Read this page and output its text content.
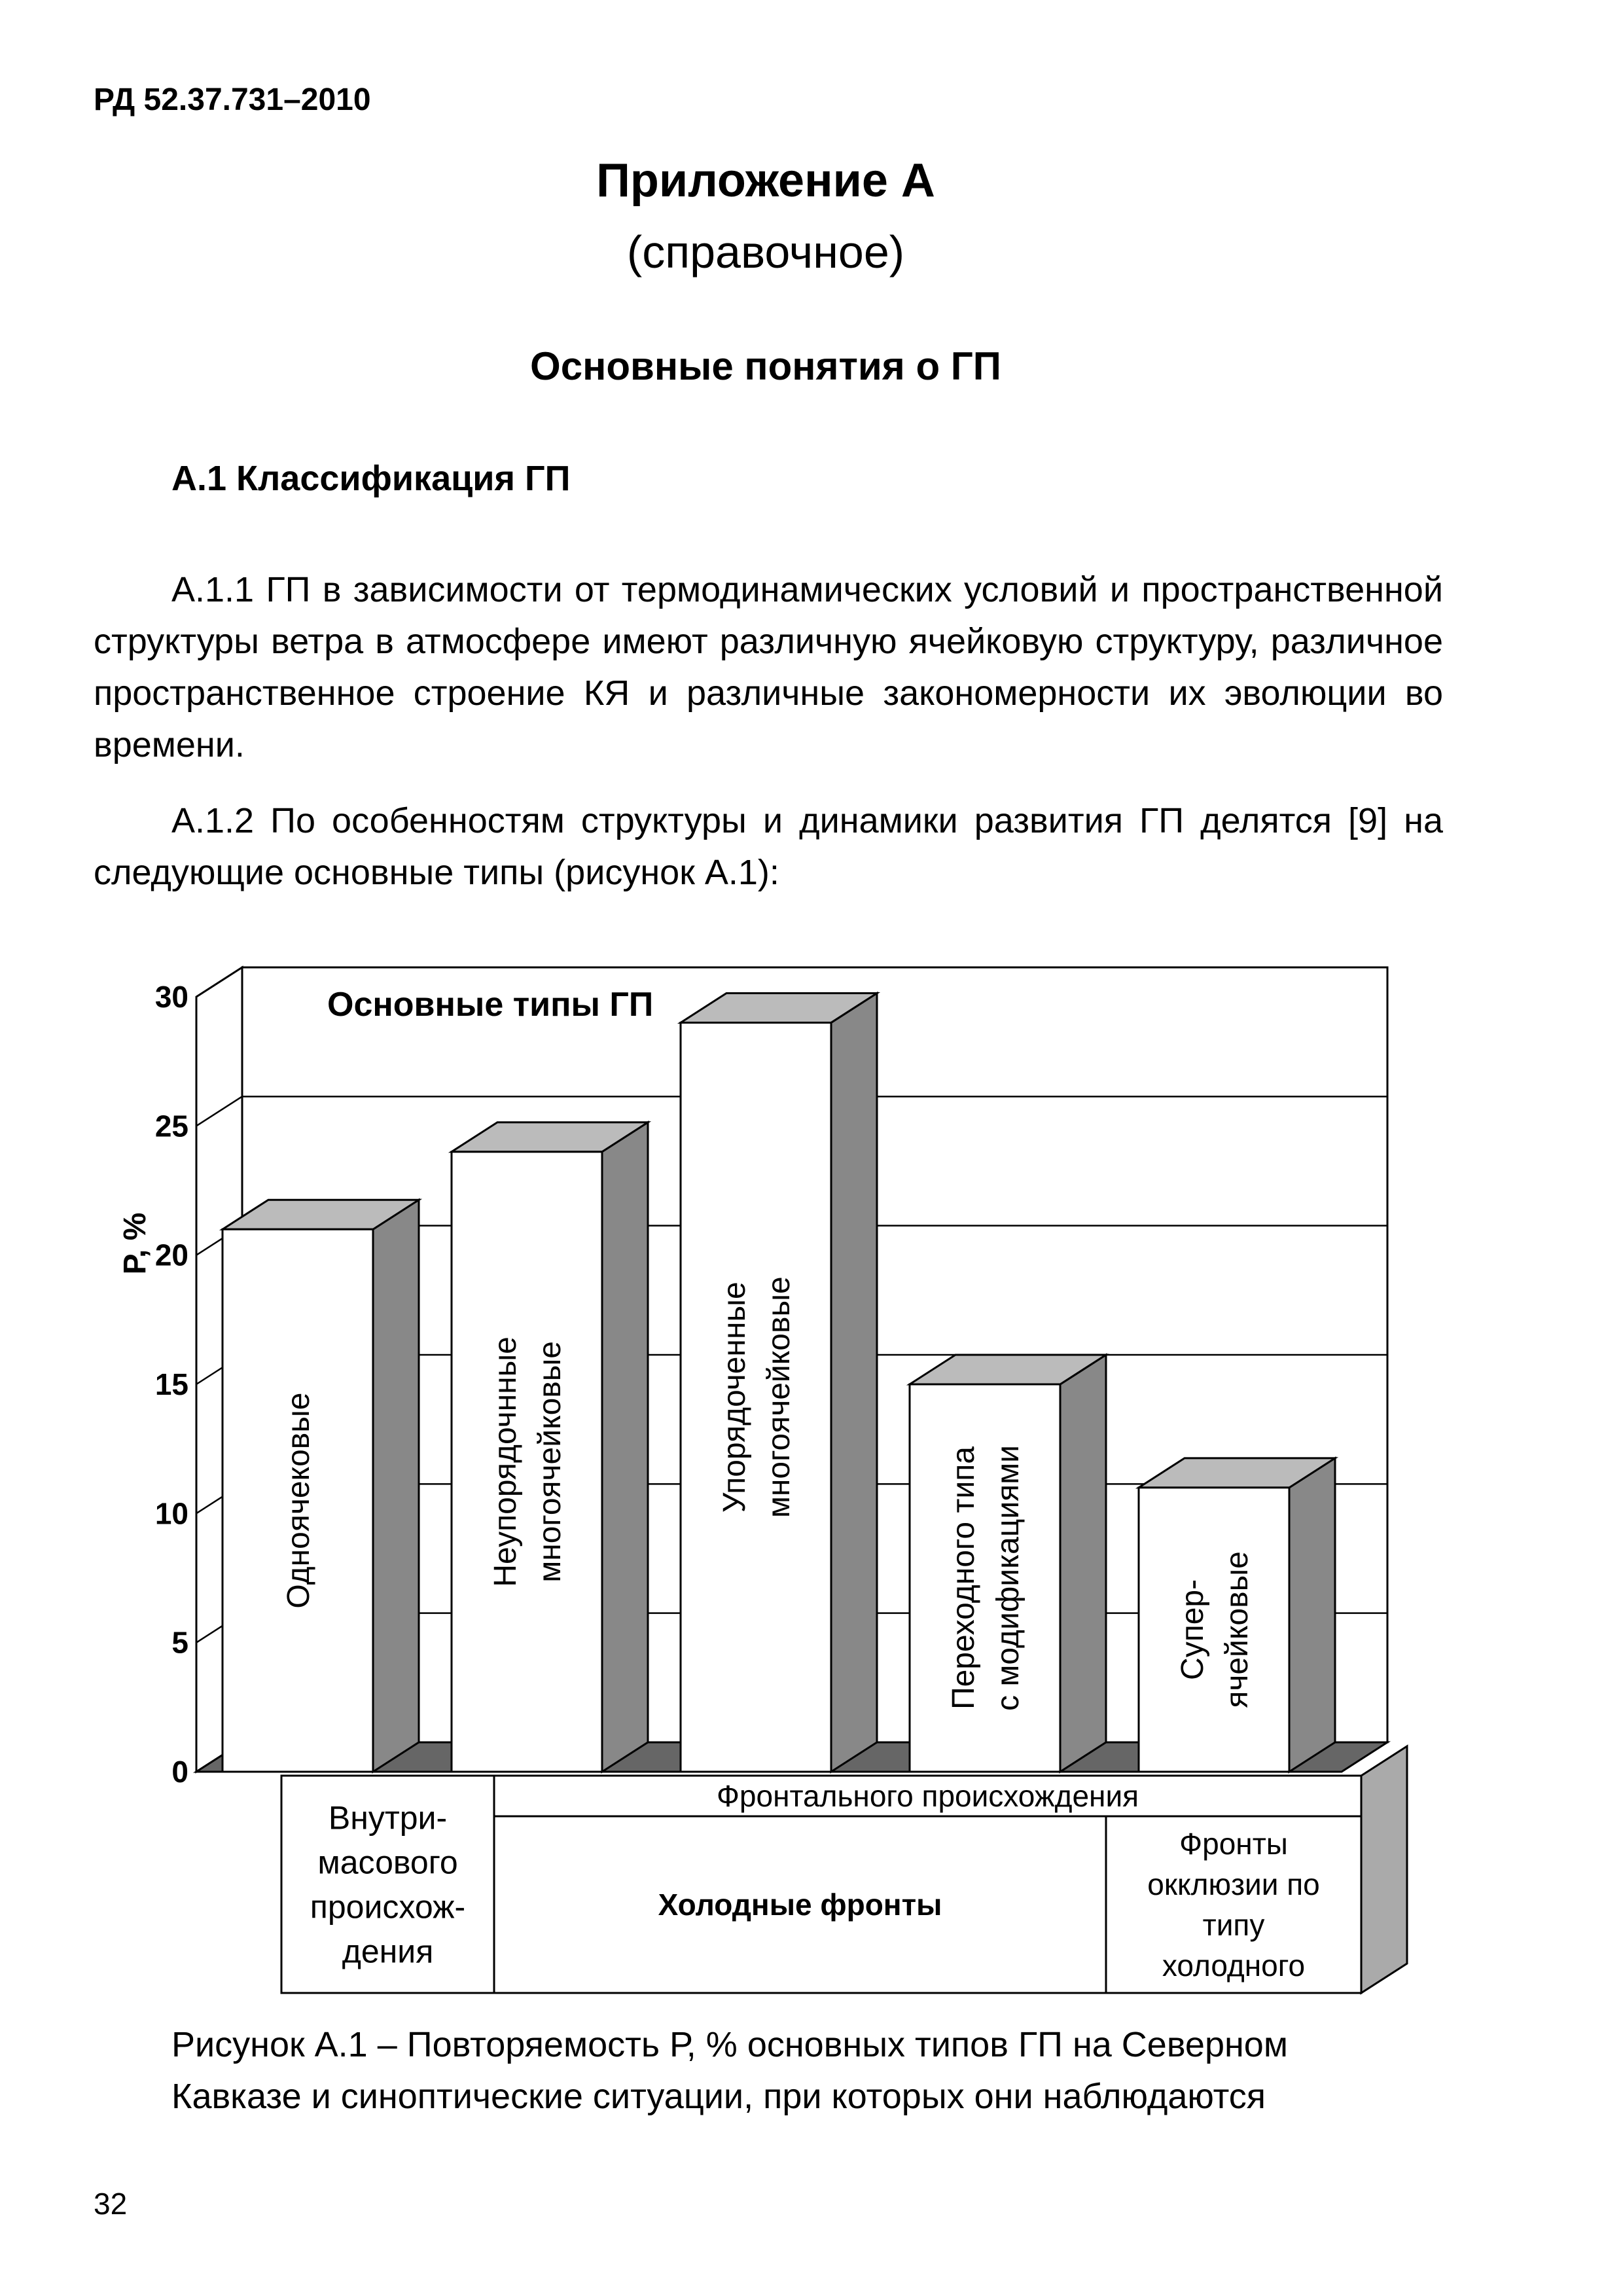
РД 52.37.731–2010
Приложение А
(справочное)
Основные понятия о ГП
А.1 Классификация ГП
А.1.1 ГП в зависимости от термодинамических условий и пространственной структуры ветра в атмосфере имеют различную ячейковую структуру, различное пространственное строение КЯ и различные закономерности их эволюции во времени.
А.1.2 По особенностям структуры и динамики развития ГП делятся [9] на следующие основные типы (рисунок А.1):
0
5
10
15
20
25
30	Основные типы ГП
Р, %
Одноячековые	Неупорядочнные многоячейковые	Упорядоченные многоячейковые
Переходного типа с модификациями	Супер- ячейковые
Внутри-масового происхож-дения
Фронтального происхождения
Холодные фронты
Фронты окклюзии по типу холодного
Рисунок А.1 – Повторяемость Р, % основных типов ГП на Северном Кавказе и синоптические ситуации, при которых они наблюдаются
32
